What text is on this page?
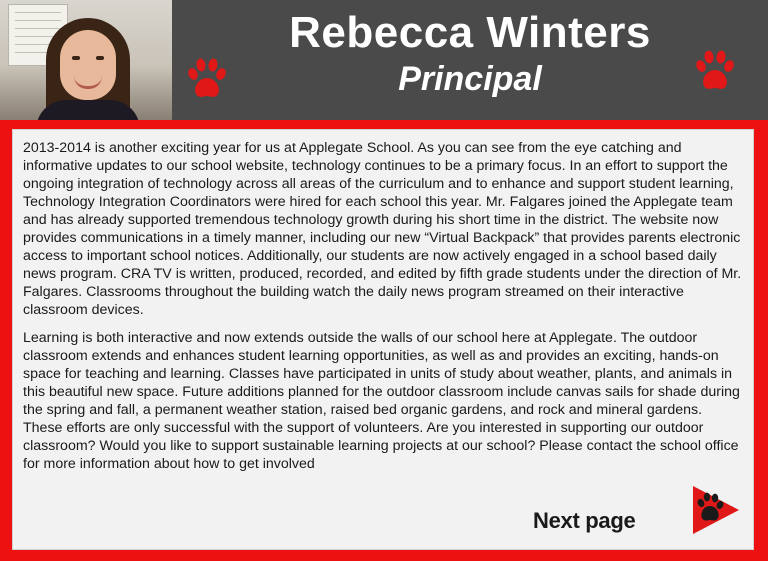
Rebecca Winters
Principal

2013-2014 is another exciting year for us at Applegate School. As you can see from the eye catching and informative updates to our school website, technology continues to be a primary focus. In an effort to support the ongoing integration of technology across all areas of the curriculum and to enhance and support student learning, Technology Integration Coordinators were hired for each school this year. Mr. Falgares joined the Applegate team and has already supported tremendous technology growth during his short time in the district. The website now provides communications in a timely manner, including our new “Virtual Backpack” that provides parents electronic access to important school notices. Additionally, our students are now actively engaged in a school based daily news program. CRA TV is written, produced, recorded, and edited by fifth grade students under the direction of Mr. Falgares. Classrooms throughout the building watch the daily news program streamed on their interactive classroom devices.

Learning is both interactive and now extends outside the walls of our school here at Applegate. The outdoor classroom extends and enhances student learning opportunities, as well as and provides an exciting, hands-on space for teaching and learning. Classes have participated in units of study about weather, plants, and animals in this beautiful new space. Future additions planned for the outdoor classroom include canvas sails for shade during the spring and fall, a permanent weather station, raised bed organic gardens, and rock and mineral gardens. These efforts are only successful with the support of volunteers. Are you interested in supporting our outdoor classroom? Would you like to support sustainable learning projects at our school? Please contact the school office for more information about how to get involved

Next page
